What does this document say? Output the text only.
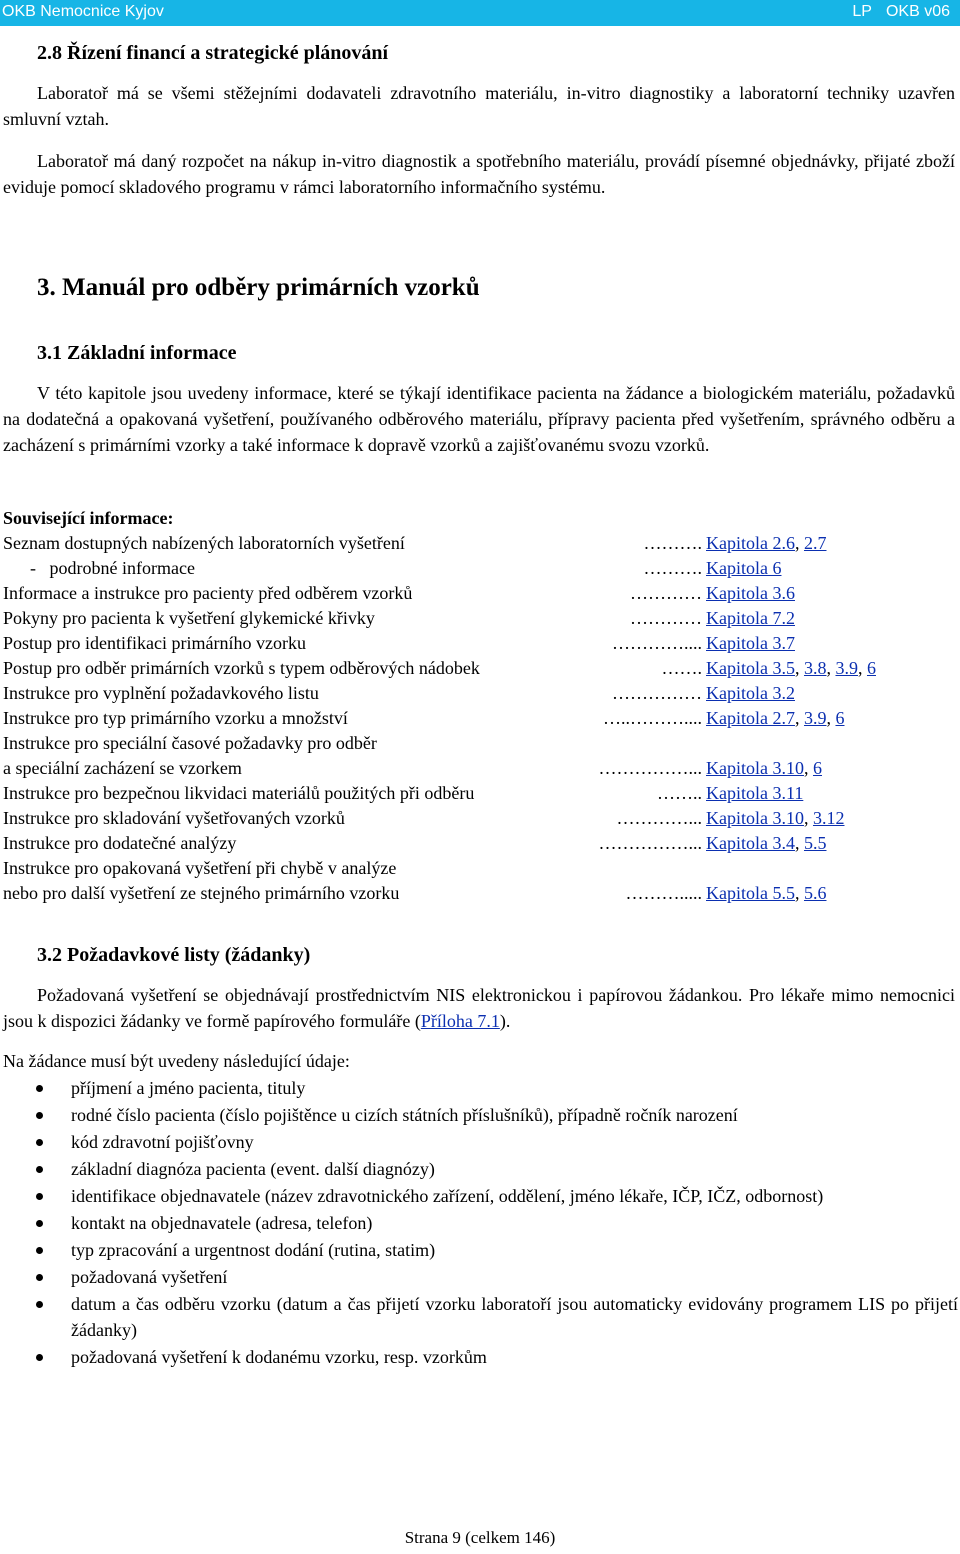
OKB Nemocnice Kyjov	LP OKB v06
2.8 Řízení financí a strategické plánování
Laboratoř má se všemi stěžejními dodavateli zdravotního materiálu, in-vitro diagnostiky a laboratorní techniky uzavřen smluvní vztah.
Laboratoř má daný rozpočet na nákup in-vitro diagnostik a spotřebního materiálu, provádí písemné objednávky, přijaté zboží eviduje pomocí skladového programu v rámci laboratorního informačního systému.
3. Manuál pro odběry primárních vzorků
3.1 Základní informace
V této kapitole jsou uvedeny informace, které se týkají identifikace pacienta na žádance a biologickém materiálu, požadavků na dodatečná a opakovaná vyšetření, používaného odběrového materiálu, přípravy pacienta před vyšetřením, správného odběru a zacházení s primárními vzorky a také informace k dopravě vzorků a zajišťovanému svozu vzorků.
Související informace:
Seznam dostupných nabízených laboratorních vyšetření	………. Kapitola 2.6, 2.7
-   podrobné informace	………. Kapitola 6
Informace a instrukce pro pacienty před odběrem vzorků	………… Kapitola 3.6
Pokyny pro pacienta k vyšetření glykemické křivky	………… Kapitola 7.2
Postup pro identifikaci primárního vzorku	………….... Kapitola 3.7
Postup pro odběr primárních vzorků s typem odběrových nádobek	……. Kapitola 3.5, 3.8, 3.9, 6
Instrukce pro vyplnění požadavkového listu	…………… Kapitola 3.2
Instrukce pro typ primárního vzorku a množství	…..……….... Kapitola 2.7, 3.9, 6
Instrukce pro speciální časové požadavky pro odběr
a speciální zacházení se vzorkem	……………... Kapitola 3.10, 6
Instrukce pro bezpečnou likvidaci materiálů použitých při odběru	…….. Kapitola 3.11
Instrukce pro skladování vyšetřovaných vzorků	…………... Kapitola 3.10, 3.12
Instrukce pro dodatečné analýzy	……………... Kapitola 3.4, 5.5
Instrukce pro opakovaná vyšetření při chybě v analýze
nebo pro další vyšetření ze stejného primárního vzorku	………..... Kapitola 5.5, 5.6
3.2 Požadavkové listy (žádanky)
Požadovaná vyšetření se objednávají prostřednictvím NIS elektronickou i papírovou žádankou. Pro lékaře mimo nemocnici jsou k dispozici žádanky ve formě papírového formuláře (Příloha 7.1).
Na žádance musí být uvedeny následující údaje:
příjmení a jméno pacienta, tituly
rodné číslo pacienta (číslo pojištěnce u cizích státních příslušníků), případně ročník narození
kód zdravotní pojišťovny
základní diagnóza pacienta (event. další diagnózy)
identifikace objednavatele (název zdravotnického zařízení, oddělení, jméno lékaře, IČP, IČZ, odbornost)
kontakt na objednavatele (adresa, telefon)
typ zpracování a urgentnost dodání (rutina, statim)
požadovaná vyšetření
datum a čas odběru vzorku (datum a čas přijetí vzorku laboratoří jsou automaticky evidovány programem LIS po přijetí žádanky)
požadovaná vyšetření k dodanému vzorku, resp. vzorkům
Strana 9 (celkem 146)
